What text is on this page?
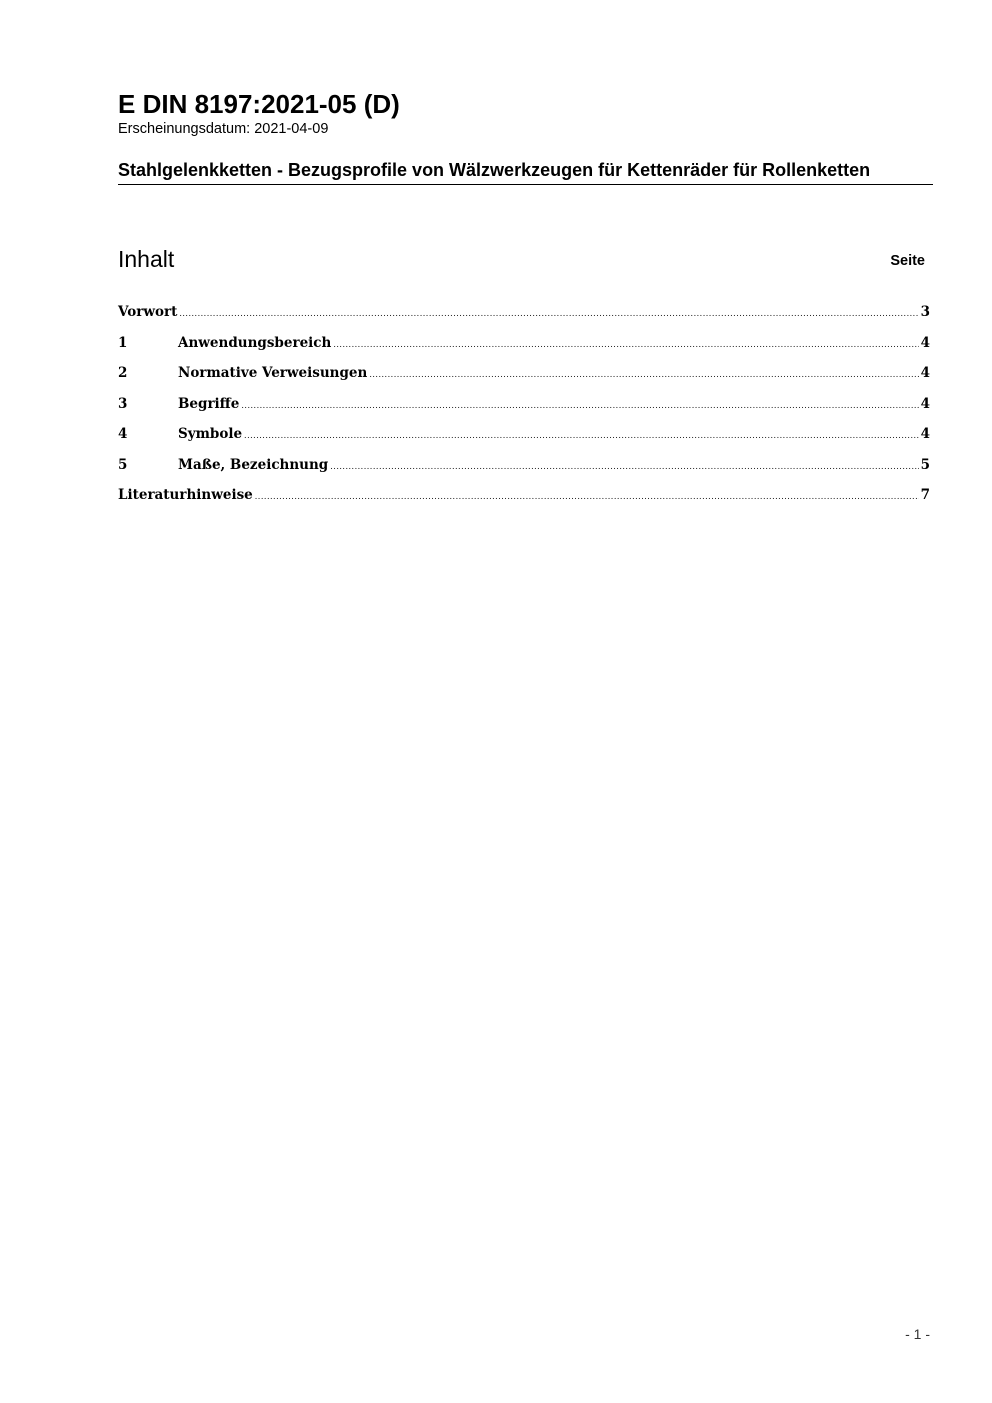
E DIN 8197:2021-05 (D)
Erscheinungsdatum: 2021-04-09
Stahlgelenkketten - Bezugsprofile von Wälzwerkzeugen für Kettenräder für Rollenketten
Inhalt	Seite
Vorwort .....	3
1	Anwendungsbereich .....	4
2	Normative Verweisungen .....	4
3	Begriffe .....	4
4	Symbole .....	4
5	Maße, Bezeichnung .....	5
Literaturhinweise .....	7
- 1 -
